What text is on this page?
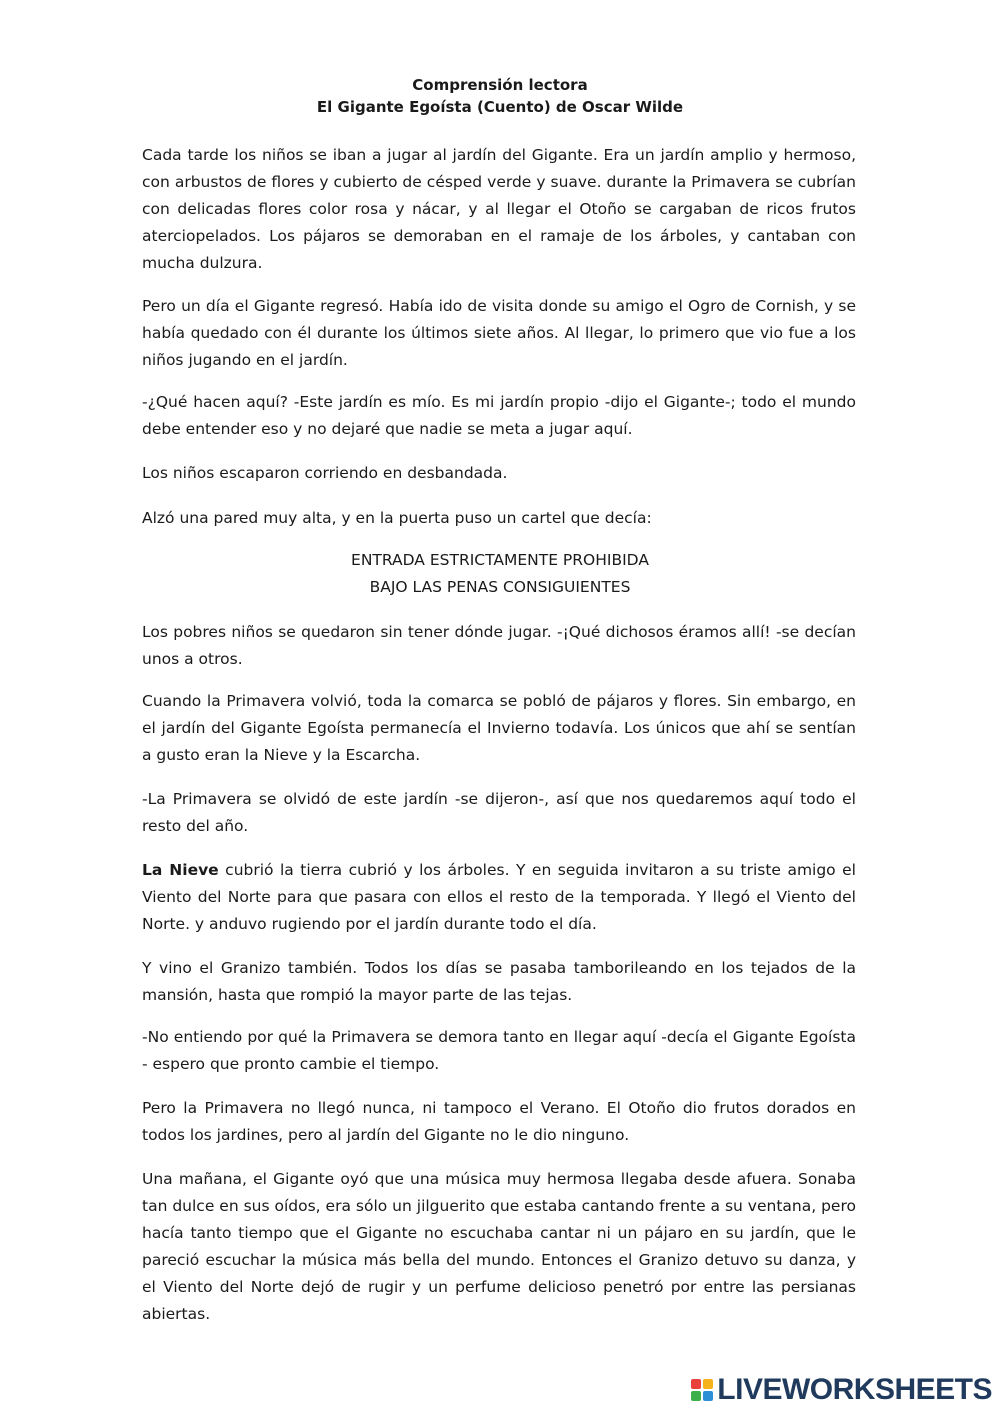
Comprensión lectora
El Gigante Egoísta (Cuento) de Oscar Wilde

Cada tarde los niños se iban a jugar al jardín del Gigante. Era un jardín amplio y hermoso, con arbustos de flores y cubierto de césped verde y suave. durante la Primavera se cubrían con delicadas flores color rosa y nácar, y al llegar el Otoño se cargaban de ricos frutos aterciopelados. Los pájaros se demoraban en el ramaje de los árboles, y cantaban con mucha dulzura.

Pero un día el Gigante regresó. Había ido de visita donde su amigo el Ogro de Cornish, y se había quedado con él durante los últimos siete años. Al llegar, lo primero que vio fue a los niños jugando en el jardín.

-¿Qué hacen aquí? -Este jardín es mío. Es mi jardín propio -dijo el Gigante-; todo el mundo debe entender eso y no dejaré que nadie se meta a jugar aquí.

Los niños escaparon corriendo en desbandada.

Alzó una pared muy alta, y en la puerta puso un cartel que decía:

ENTRADA ESTRICTAMENTE PROHIBIDA
BAJO LAS PENAS CONSIGUIENTES

Los pobres niños se quedaron sin tener dónde jugar. -¡Qué dichosos éramos allí! -se decían unos a otros.

Cuando la Primavera volvió, toda la comarca se pobló de pájaros y flores. Sin embargo, en el jardín del Gigante Egoísta permanecía el Invierno todavía. Los únicos que ahí se sentían a gusto eran la Nieve y la Escarcha.

-La Primavera se olvidó de este jardín -se dijeron-, así que nos quedaremos aquí todo el resto del año.

La Nieve cubrió la tierra cubrió y los árboles. Y en seguida invitaron a su triste amigo el Viento del Norte para que pasara con ellos el resto de la temporada. Y llegó el Viento del Norte. y anduvo rugiendo por el jardín durante todo el día.

Y vino el Granizo también. Todos los días se pasaba tamborileando en los tejados de la mansión, hasta que rompió la mayor parte de las tejas.

-No entiendo por qué la Primavera se demora tanto en llegar aquí -decía el Gigante Egoísta - espero que pronto cambie el tiempo.

Pero la Primavera no llegó nunca, ni tampoco el Verano. El Otoño dio frutos dorados en todos los jardines, pero al jardín del Gigante no le dio ninguno.

Una mañana, el Gigante oyó que una música muy hermosa llegaba desde afuera. Sonaba tan dulce en sus oídos, era sólo un jilguerito que estaba cantando frente a su ventana, pero hacía tanto tiempo que el Gigante no escuchaba cantar ni un pájaro en su jardín, que le pareció escuchar la música más bella del mundo. Entonces el Granizo detuvo su danza, y el Viento del Norte dejó de rugir y un perfume delicioso penetró por entre las persianas abiertas.

LIVEWORKSHEETS
